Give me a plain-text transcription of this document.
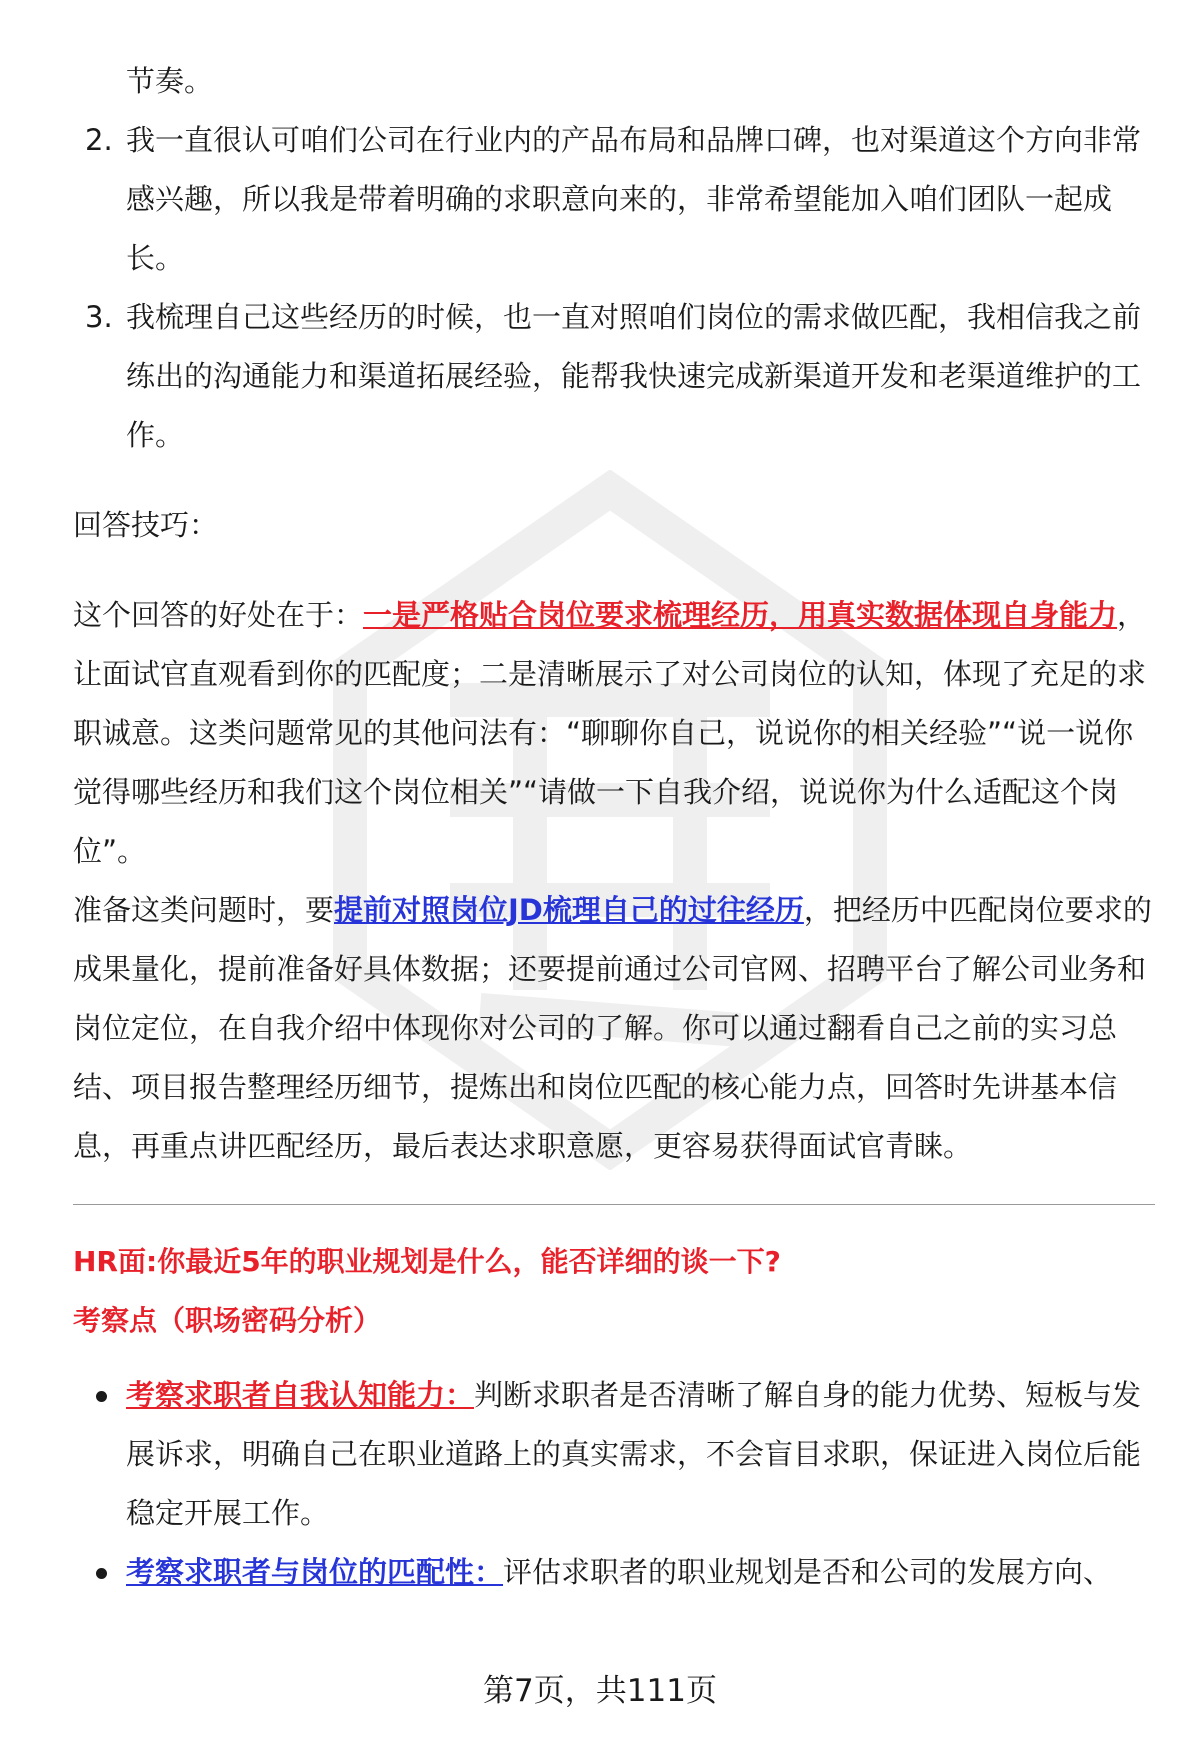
节奏。
2. 我一直很认可咱们公司在行业内的产品布局和品牌口碑，也对渠道这个方向非常感兴趣，所以我是带着明确的求职意向来的，非常希望能加入咱们团队一起成长。
3. 我梳理自己这些经历的时候，也一直对照咱们岗位的需求做匹配，我相信我之前练出的沟通能力和渠道拓展经验，能帮我快速完成新渠道开发和老渠道维护的工作。
回答技巧：

这个回答的好处在于：一是严格贴合岗位要求梳理经历，用真实数据体现自身能力，让面试官直观看到你的匹配度；二是清晰展示了对公司岗位的认知，体现了充足的求职诚意。这类问题常见的其他问法有：“聊聊你自己，说说你的相关经验”“说一说你觉得哪些经历和我们这个岗位相关”“请做一下自我介绍，说说你为什么适配这个岗位”。

准备这类问题时，要提前对照岗位JD梳理自己的过往经历，把经历中匹配岗位要求的成果量化，提前准备好具体数据；还要提前通过公司官网、招聘平台了解公司业务和岗位定位，在自我介绍中体现你对公司的了解。你可以通过翻看自己之前的实习总结、项目报告整理经历细节，提炼出和岗位匹配的核心能力点，回答时先讲基本信息，再重点讲匹配经历，最后表达求职意愿，更容易获得面试官青睐。

HR面:你最近5年的职业规划是什么，能否详细的谈一下?
考察点（职场密码分析）
考察求职者自我认知能力：判断求职者是否清晰了解自身的能力优势、短板与发展诉求，明确自己在职业道路上的真实需求，不会盲目求职，保证进入岗位后能稳定开展工作。
考察求职者与岗位的匹配性：评估求职者的职业规划是否和公司的发展方向、
第7页，共111页
